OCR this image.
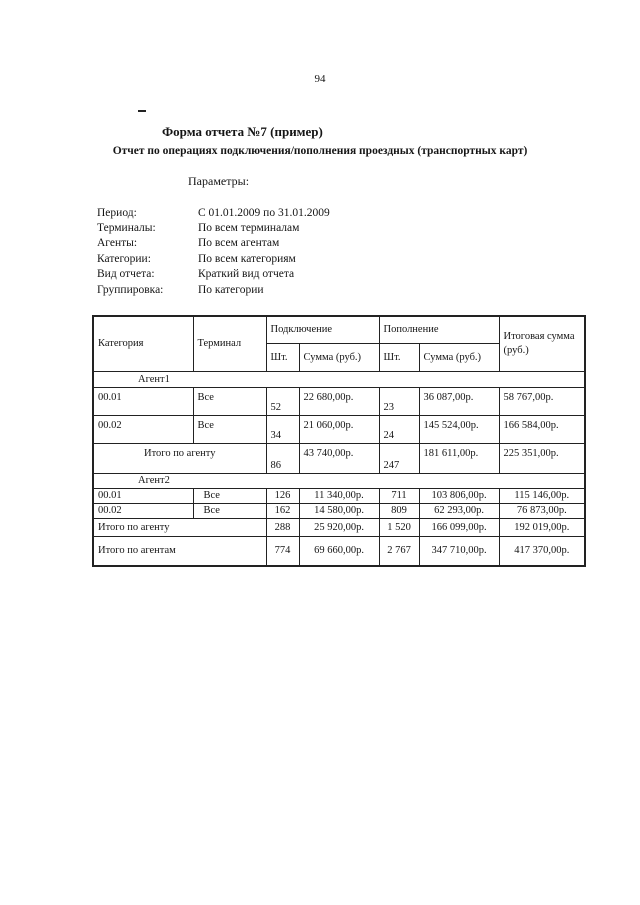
94
Форма отчета №7 (пример)
Отчет по операциях подключения/пополнения проездных (транспортных карт)
Параметры:
Период:	С 01.01.2009 по 31.01.2009
Терминалы:	По всем терминалам
Агенты:	По всем агентам
Категории:	По всем категориям
Вид отчета:	Краткий вид отчета
Группировка:	По категории
Категория	Терминал	Подключение		Пополнение		Итоговая сумма (руб.)
		Шт.	Сумма (руб.)	Шт.	Сумма (руб.)	
Агент1						
00.01	Все	52	22 680,00р.	23	36 087,00р.	58 767,00р.
00.02	Все	34	21 060,00р.	24	145 524,00р.	166 584,00р.
Итого по агенту		86	43 740,00р.	247	181 611,00р.	225 351,00р.
Агент2						
00.01	Все	126	11 340,00р.	711	103 806,00р.	115 146,00р.
00.02	Все	162	14 580,00р.	809	62 293,00р.	76 873,00р.
Итого по агенту		288	25 920,00р.	1 520	166 099,00р.	192 019,00р.
Итого по агентам		774	69 660,00р.	2 767	347 710,00р.	417 370,00р.
